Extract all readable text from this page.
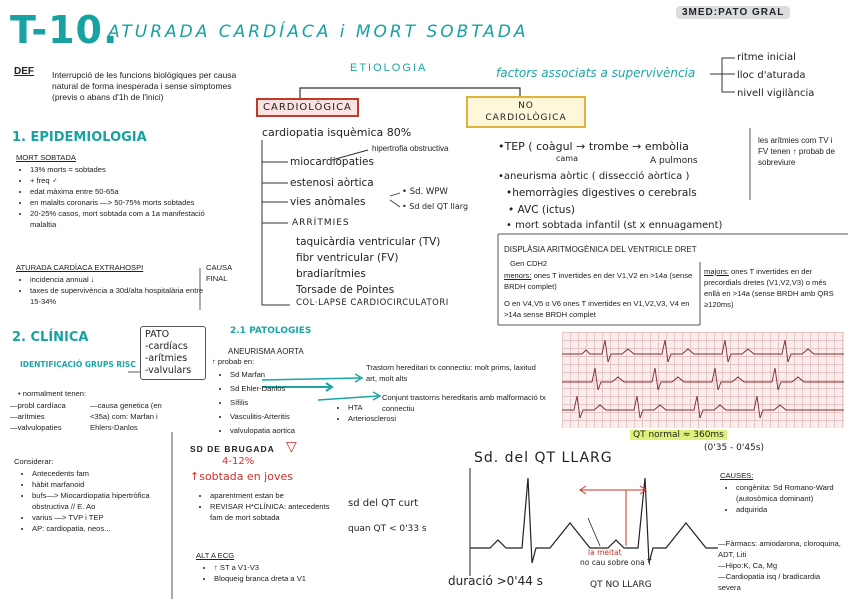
T-10.
ATURADA CARDÍACA i MORT SOBTADA
3MED:PATO GRAL
DEF Interrupció de les funcions biològiques per causa natural de forma inesperada i sense símptomes (previs o abans d'1h de l'inici)
ETIOLOGIA
CARDIOLÒGICA	NO CARDIOLÒGICA
cardiopatia isquèmica 80%
hipertrofia obstructiva
miocardiopaties
estenosi aòrtica
vies anòmales
• Sd. WPW
• Sd del QT llarg
ARRÍTMIES
taquicàrdia ventricular (TV)
fibr ventricular (FV)
bradiarítmies
Torsade de Pointes
COL·LAPSE CARDIOCIRCULATORI
•TEP ( coàgul → trombe → embòlia
cama	A pulmons
•aneurisma aòrtic ( dissecció aòrtica )
•hemorràgies digestives o cerebrals
• AVC (ictus)
• mort sobtada infantil (st x ennuagament)
factors associats a supervivència
ritme inicial
lloc d'aturada
nivell vigilància
les arítmies com TV i FV tenen ↑ probab de sobreviure
1. EPIDEMIOLOGIA
MORT SOBTADA
• 13% morts = sobtades
• + freq ♂
• edat màxima entre 50-65a
• en malalts coronaris —> 50-75% morts sobtades
• 20-25% casos, mort sobtada com a 1a manifestació malaltia
ATURADA CARDÍACA EXTRAHOSPI
• incidencia annual ↓
• taxes de supervivència a 30d/alta hospitalària entre 15-34%
CAUSA FINAL
2. CLÍNICA
IDENTIFICACIÓ GRUPS RISC
PATO
-cardíacs
-arítmies
-valvulars
• normalment tenen:
—probl cardíaca
—arítmies
—valvulopaties
—causa genetica (en <35a) com: Marfan i Ehlers-Danlos
Considerar:
• Antecedents fam
• hàbit marfanoid
• bufs—> Miocardiopatia hipertròfica obstructiva // E. Ao
• varius —> TVP i TEP
• AP: cardiopatia, neos...
2.1 PATOLOGIES
ANEURISMA AORTA
↑ probab en:
• Sd Marfan
• Sd Ehler-Danlos
• Sífilis
• Vasculitis-Arteritis
• valvulopatia aortica
• HTA
• Arteriosclerosi
Trastorn hereditari tx connectiu: molt prims, laxitud art, molt alts
Conjunt trastorns hereditaris amb malformació tx connectiu
SD DE BRUGADA ▽
4-12%
↑sobtada en joves
• aparentment estan be
• REVISAR H*CLÍNICA: antecedents fam de mort sobtada
ALT A ECG
• ↑ ST a V1-V3
• Bloqueig branca dreta a V1
DISPLÀSIA ARITMOGÈNICA DEL VENTRICLE DRET
Gen CDH2
menors: ones T invertides en der V1,V2 en >14a (sense BRDH complet)
O en V4,V5 o V6 ones T invertides en V1,V2,V3, V4 en >14a sense BRDH complet
majors: ones T invertides en der precordials dretes (V1,V2,V3) o més enllà en >14a (sense BRDH amb QRS ≥120ms)
QT normal ≈ 360ms
(0'35 - 0'45s)
Sd. del QT LLARG
sd del QT curt
quan QT < 0'33 s
duració >0'44 s
la meitat
no cau sobre ona T
QT NO LLARG
CAUSES:
• congènita: Sd Romano-Ward (autosòmica dominant)
• adquirida
—Fàrmacs: amiodarona, cloroquina, ADT, Liti
—Hipo:K, Ca, Mg
—Cardiopatia isq / bradicardia severa
